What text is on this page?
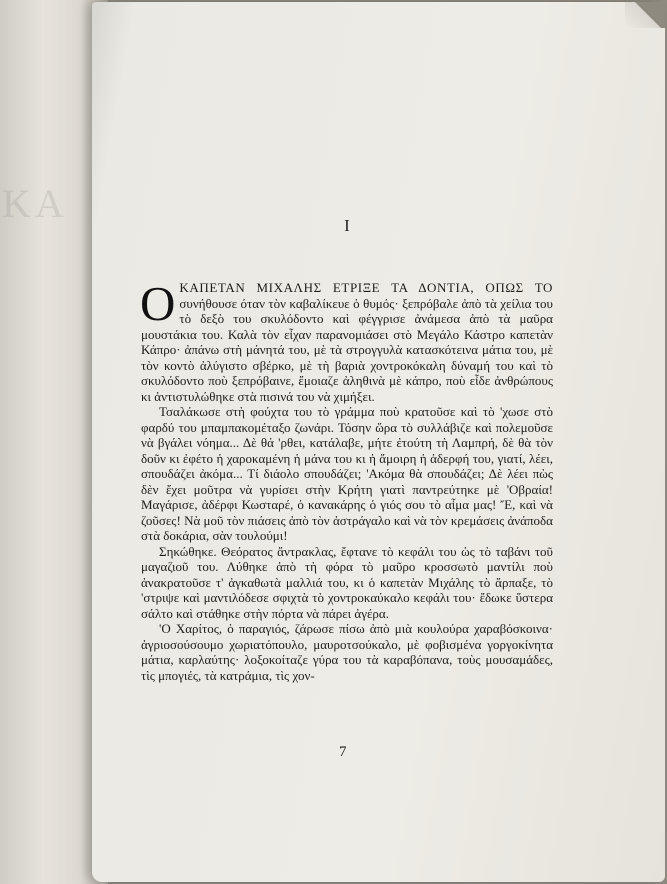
ΚΑ	I

ΟΚΑΠΕΤΑΝ ΜΙΧΑΛΗΣ ΕΤΡΙΞΕ ΤΑ ΔΟΝΤΙΑ, ΟΠΩΣ ΤΟ συνήθουσε όταν τὸν καβαλίκευε ὁ θυμός· ξεπρόβαλε ἀπὸ τὰ χείλια του τὸ δεξὸ του σκυλόδοντο καὶ φέγγρισε ἀνάμεσα ἀπὸ τὰ μαῦρα μουστάκια του. Καλὰ τὸν εἶχαν παρανομιάσει στὸ Μεγάλο Κάστρο καπετὰν Κάπρο· ἀπάνω στὴ μάνητά του, μὲ τὰ στρογγυλὰ κατασκότεινα μάτια του, μὲ τὸν κοντὸ ἀλύγιστο σβέρκο, μὲ τὴ βαριὰ χοντροκόκαλη δύναμή του καὶ τὸ σκυλόδοντο ποὺ ξεπρόβαινε, ἔμοιαζε ἀληθινὰ μὲ κάπρο, ποὺ εἶδε ἀνθρώπους κι ἀντιστυλώθηκε στὰ πισινά του νὰ χιμήξει.

Τσαλάκωσε στὴ φούχτα του τὸ γράμμα ποὺ κρατοῦσε καὶ τὸ 'χωσε στὸ φαρδύ του μπαμπακομέταξο ζωνάρι. Τόσην ὥρα τὸ συλλάβιζε καὶ πολεμοῦσε νὰ βγάλει νόημα... Δὲ θά 'ρθει, κατάλαβε, μήτε ἐτούτη τὴ Λαμπρή, δὲ θὰ τὸν δοῦν κι ἐφέτο ἡ χαροκαμένη ἡ μάνα του κι ἡ ἄμοιρη ἡ ἀδερφή του, γιατί, λέει, σπουδάζει ἀκόμα... Τί διάολο σπουδάζει; 'Ακόμα θὰ σπουδάζει; Δὲ λέει πὼς δὲν ἔχει μοῦτρα νὰ γυρίσει στὴν Κρήτη γιατὶ παντρεύτηκε μὲ 'Οβραία! Μαγάρισε, ἀδέρφι Κωσταρέ, ὁ κανακάρης ὁ γιός σου τὸ αἷμα μας! Ἔ, καὶ νὰ ζοῦσες! Νὰ μοῦ τὸν πιάσεις ἀπὸ τὸν ἀστράγαλο καὶ νὰ τὸν κρεμάσεις ἀνάποδα στὰ δοκάρια, σὰν τουλούμι!

Σηκώθηκε. Θεόρατος ἄντρακλας, ἔφτανε τὸ κεφάλι του ὡς τὸ ταβάνι τοῦ μαγαζιοῦ του. Λύθηκε ἀπὸ τὴ φόρα τὸ μαῦρο κροσσωτὸ μαντίλι ποὺ ἀνακρατοῦσε τ' ἀγκαθωτὰ μαλλιά του, κι ὁ καπετὰν Μιχάλης τὸ ἅρπαξε, τὸ 'στριψε καὶ μαντιλόδεσε σφιχτὰ τὸ χοντροκαύκαλο κεφάλι του· ἔδωκε ὕστερα σάλτο καὶ στάθηκε στὴν πόρτα νὰ πάρει ἀγέρα.

'Ο Χαρίτος, ὁ παραγιός, ζάρωσε πίσω ἀπὸ μιὰ κουλούρα χαραβόσκοινα· ἀγριοσούσουμο χωριατόπουλο, μαυροτσούκαλο, μὲ φοβισμένα γοργοκίνητα μάτια, καρλαύτης· λοξοκοίταζε γύρα του τὰ καραβόπανα, τοὺς μουσαμάδες, τὶς μπογιές, τὰ κατράμια, τὶς χον-

7
